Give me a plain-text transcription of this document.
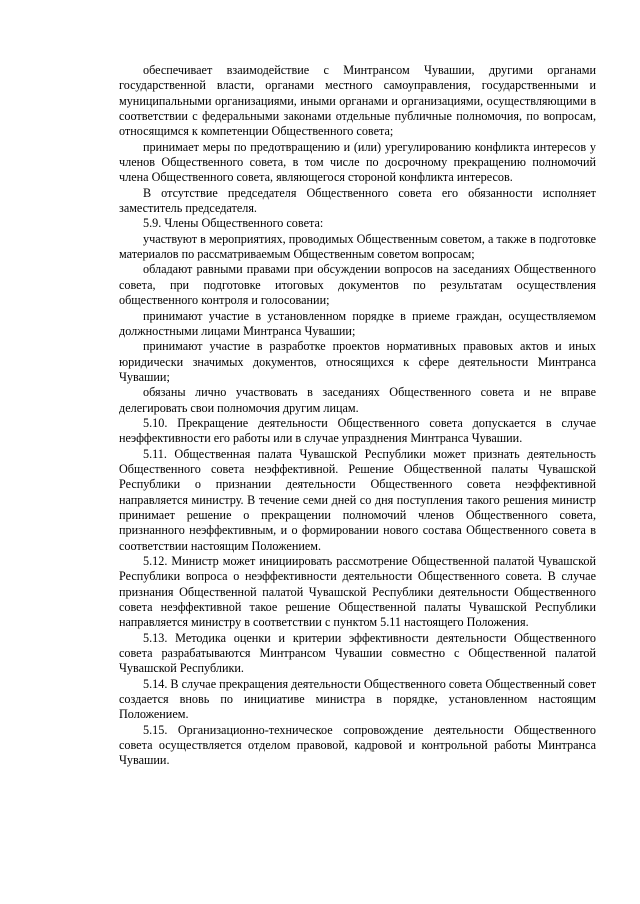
обеспечивает взаимодействие с Минтрансом Чувашии, другими органами государственной власти, органами местного самоуправления, государственными и муниципальными организациями, иными органами и организациями, осуществляющими в соответствии с федеральными законами отдельные публичные полномочия, по вопросам, относящимся к компетенции Общественного совета;

принимает меры по предотвращению и (или) урегулированию конфликта интересов у членов Общественного совета, в том числе по досрочному прекращению полномочий члена Общественного совета, являющегося стороной конфликта интересов.

В отсутствие председателя Общественного совета его обязанности исполняет заместитель председателя.

5.9. Члены Общественного совета:

участвуют в мероприятиях, проводимых Общественным советом, а также в подготовке материалов по рассматриваемым Общественным советом вопросам;

обладают равными правами при обсуждении вопросов на заседаниях Общественного совета, при подготовке итоговых документов по результатам осуществления общественного контроля и голосовании;

принимают участие в установленном порядке в приеме граждан, осуществляемом должностными лицами Минтранса Чувашии;

принимают участие в разработке проектов нормативных правовых актов и иных юридически значимых документов, относящихся к сфере деятельности Минтранса Чувашии;

обязаны лично участвовать в заседаниях Общественного совета и не вправе делегировать свои полномочия другим лицам.

5.10. Прекращение деятельности Общественного совета допускается в случае неэффективности его работы или в случае упразднения Минтранса Чувашии.

5.11. Общественная палата Чувашской Республики может признать деятельность Общественного совета неэффективной. Решение Общественной палаты Чувашской Республики о признании деятельности Общественного совета неэффективной направляется министру. В течение семи дней со дня поступления такого решения министр принимает решение о прекращении полномочий членов Общественного совета, признанного неэффективным, и о формировании нового состава Общественного совета в соответствии настоящим Положением.

5.12. Министр может инициировать рассмотрение Общественной палатой Чувашской Республики вопроса о неэффективности деятельности Общественного совета. В случае признания Общественной палатой Чувашской Республики деятельности Общественного совета неэффективной такое решение Общественной палаты Чувашской Республики направляется министру в соответствии с пунктом 5.11 настоящего Положения.

5.13. Методика оценки и критерии эффективности деятельности Общественного совета разрабатываются Минтрансом Чувашии совместно с Общественной палатой Чувашской Республики.

5.14. В случае прекращения деятельности Общественного совета Общественный совет создается вновь по инициативе министра в порядке, установленном настоящим Положением.

5.15. Организационно-техническое сопровождение деятельности Общественного совета осуществляется отделом правовой, кадровой и контрольной работы Минтранса Чувашии.
